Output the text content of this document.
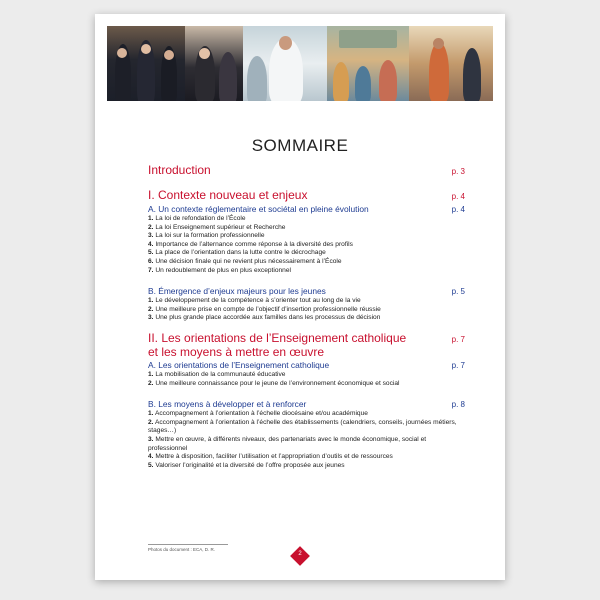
SOMMAIRE
Introduction	p. 3
I. Contexte nouveau et enjeux	p. 4
A. Un contexte réglementaire et sociétal en pleine évolution	p. 4
1. La loi de refondation de l’École
2. La loi Enseignement supérieur et Recherche
3. La loi sur la formation professionnelle
4. Importance de l’alternance comme réponse à la diversité des profils
5. La place de l’orientation dans la lutte contre le décrochage
6. Une décision finale qui ne revient plus nécessairement à l’École
7. Un redoublement de plus en plus exceptionnel
B. Émergence d’enjeux majeurs pour les jeunes	p. 5
1. Le développement de la compétence à s’orienter tout au long de la vie
2. Une meilleure prise en compte de l’objectif d’insertion professionnelle réussie
3. Une plus grande place accordée aux familles dans les processus de décision
II. Les orientations de l’Enseignement catholique	p. 7
et les moyens à mettre en œuvre
A. Les orientations de l’Enseignement catholique	p. 7
1. La mobilisation de la communauté éducative
2. Une meilleure connaissance pour le jeune de l’environnement économique et social
B. Les moyens à développer et à renforcer	p. 8
1. Accompagnement à l’orientation à l’échelle diocésaine et/ou académique
2. Accompagnement à l’orientation à l’échelle des établissements (calendriers, conseils, journées métiers, stages…)
3. Mettre en œuvre, à différents niveaux, des partenariats avec le monde économique, social et professionnel
4. Mettre à disposition, faciliter l’utilisation et l’appropriation d’outils et de ressources
5. Valoriser l’originalité et la diversité de l’offre proposée aux jeunes
Photos du document : ECA, D. R.
2
